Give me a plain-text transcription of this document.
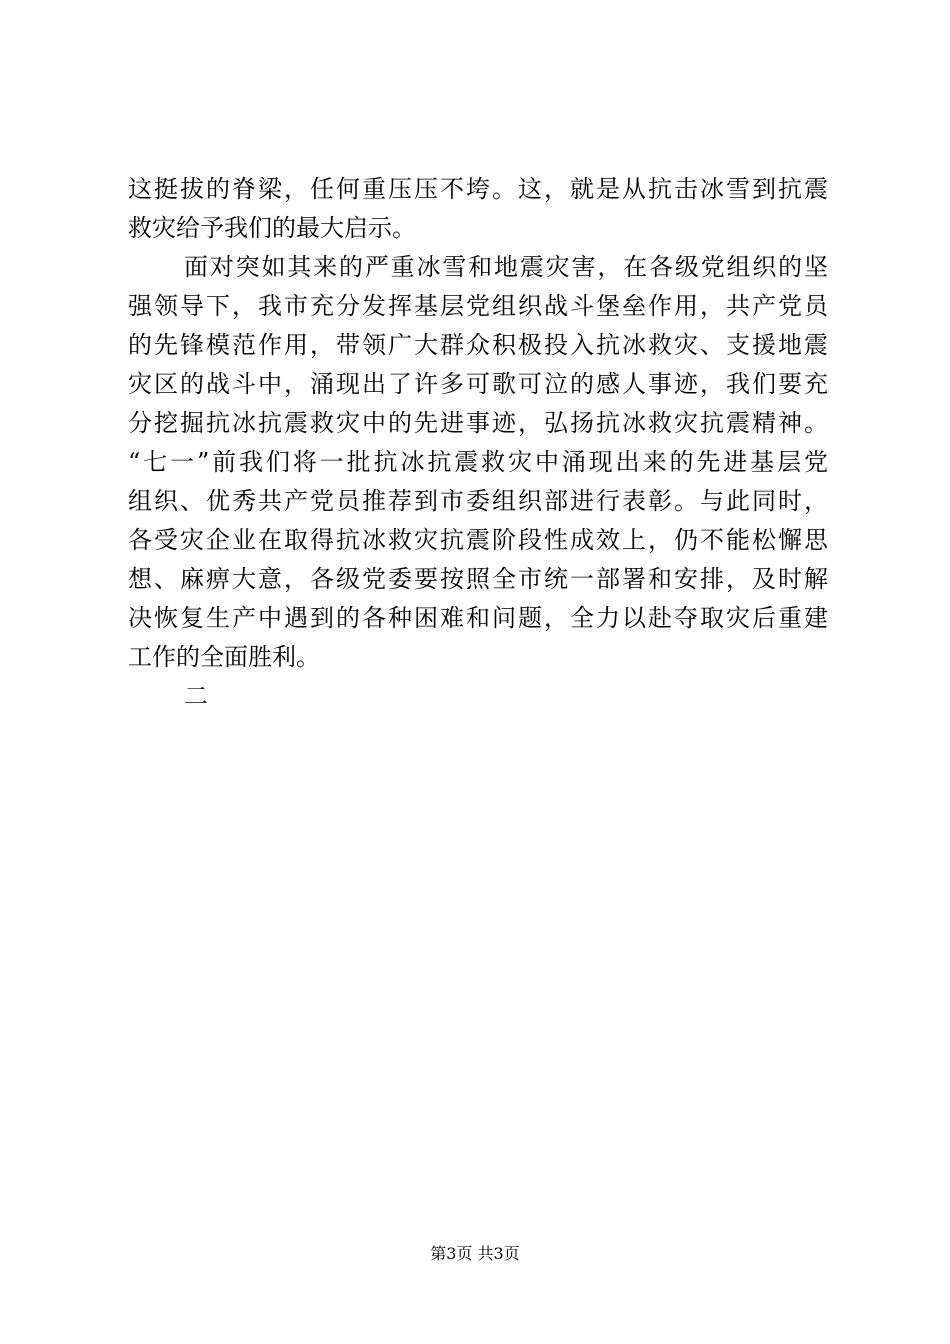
这挺拔的脊梁，任何重压压不垮。这，就是从抗击冰雪到抗震
救灾给予我们的最大启示。
面对突如其来的严重冰雪和地震灾害，在各级党组织的坚
强领导下，我市充分发挥基层党组织战斗堡垒作用，共产党员
的先锋模范作用，带领广大群众积极投入抗冰救灾、支援地震
灾区的战斗中，涌现出了许多可歌可泣的感人事迹，我们要充
分挖掘抗冰抗震救灾中的先进事迹，弘扬抗冰救灾抗震精神。
“七一”前我们将一批抗冰抗震救灾中涌现出来的先进基层党
组织、优秀共产党员推荐到市委组织部进行表彰。与此同时，
各受灾企业在取得抗冰救灾抗震阶段性成效上，仍不能松懈思
想、麻痹大意，各级党委要按照全市统一部署和安排，及时解
决恢复生产中遇到的各种困难和问题，全力以赴夺取灾后重建
工作的全面胜利。
二
第3页 共3页
